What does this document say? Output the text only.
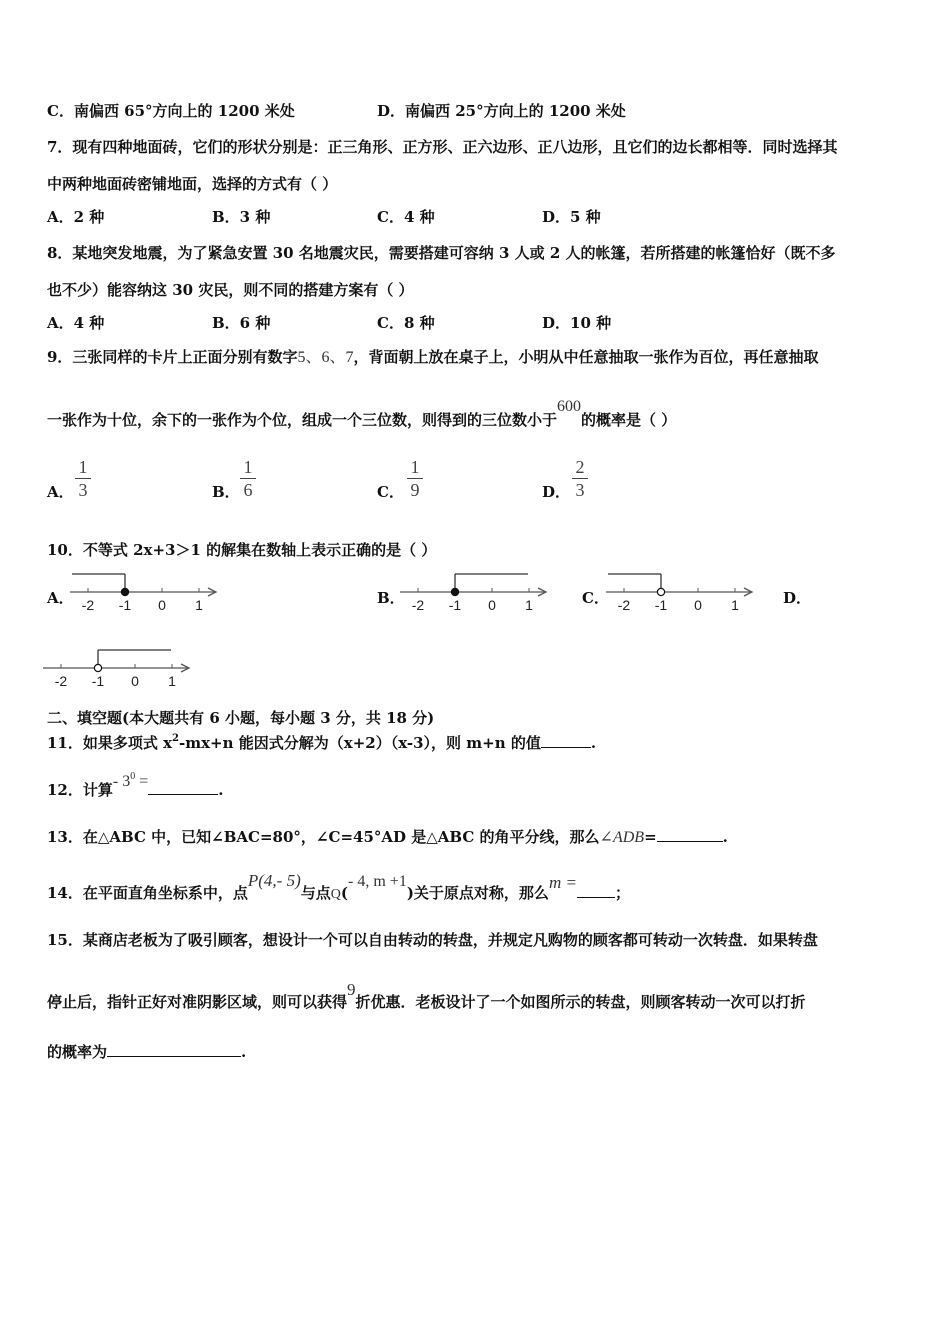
C．南偏西 65°方向上的 1200 米处	D．南偏西 25°方向上的 1200 米处
7．现有四种地面砖，它们的形状分别是：正三角形、正方形、正六边形、正八边形，且它们的边长都相等．同时选择其
中两种地面砖密铺地面，选择的方式有（ ）
A．2 种	B．3 种	C．4 种	D．5 种
8．某地突发地震，为了紧急安置 30 名地震灾民，需要搭建可容纳 3 人或 2 人的帐篷，若所搭建的帐篷恰好（既不多
也不少）能容纳这 30 灾民，则不同的搭建方案有（ ）
A．4 种	B．6 种	C．8 种	D．10 种
9．三张同样的卡片上正面分别有数字5、6、7，背面朝上放在桌子上，小明从中任意抽取一张作为百位，再任意抽取
一张作为十位，余下的一张作为个位，组成一个三位数，则得到的三位数小于600的概率是（ ）
A．
1
3	B．
1
6	C．
1
9	D．
2
3
10．不等式 2x+3＞1 的解集在数轴上表示正确的是（ ）
A．	B．	C．	D．
-2 -1 0 1	-2 -1 0 1	-2 -1 0 1
-2 -1 0 1
二、填空题(本大题共有 6 小题，每小题 3 分，共 18 分)
11．如果多项式 $x^2-mx+n$ 能因式分解为（x+2）（x-3），则 m+n 的值	.
12．计算- $3^0$ =	.
13．在△ABC 中，已知∠BAC=80°，∠C=45°AD 是△ABC 的角平分线，那么∠ADB=	.
14．在平面直角坐标系中，点P(4,- 5)与点Q(- 4, m +1)关于原点对称，那么m =；
15．某商店老板为了吸引顾客，想设计一个可以自由转动的转盘，并规定凡购物的顾客都可转动一次转盘．如果转盘
停止后，指针正好对准阴影区域，则可以获得9折优惠．老板设计了一个如图所示的转盘，则顾客转动一次可以打折
的概率为	.
